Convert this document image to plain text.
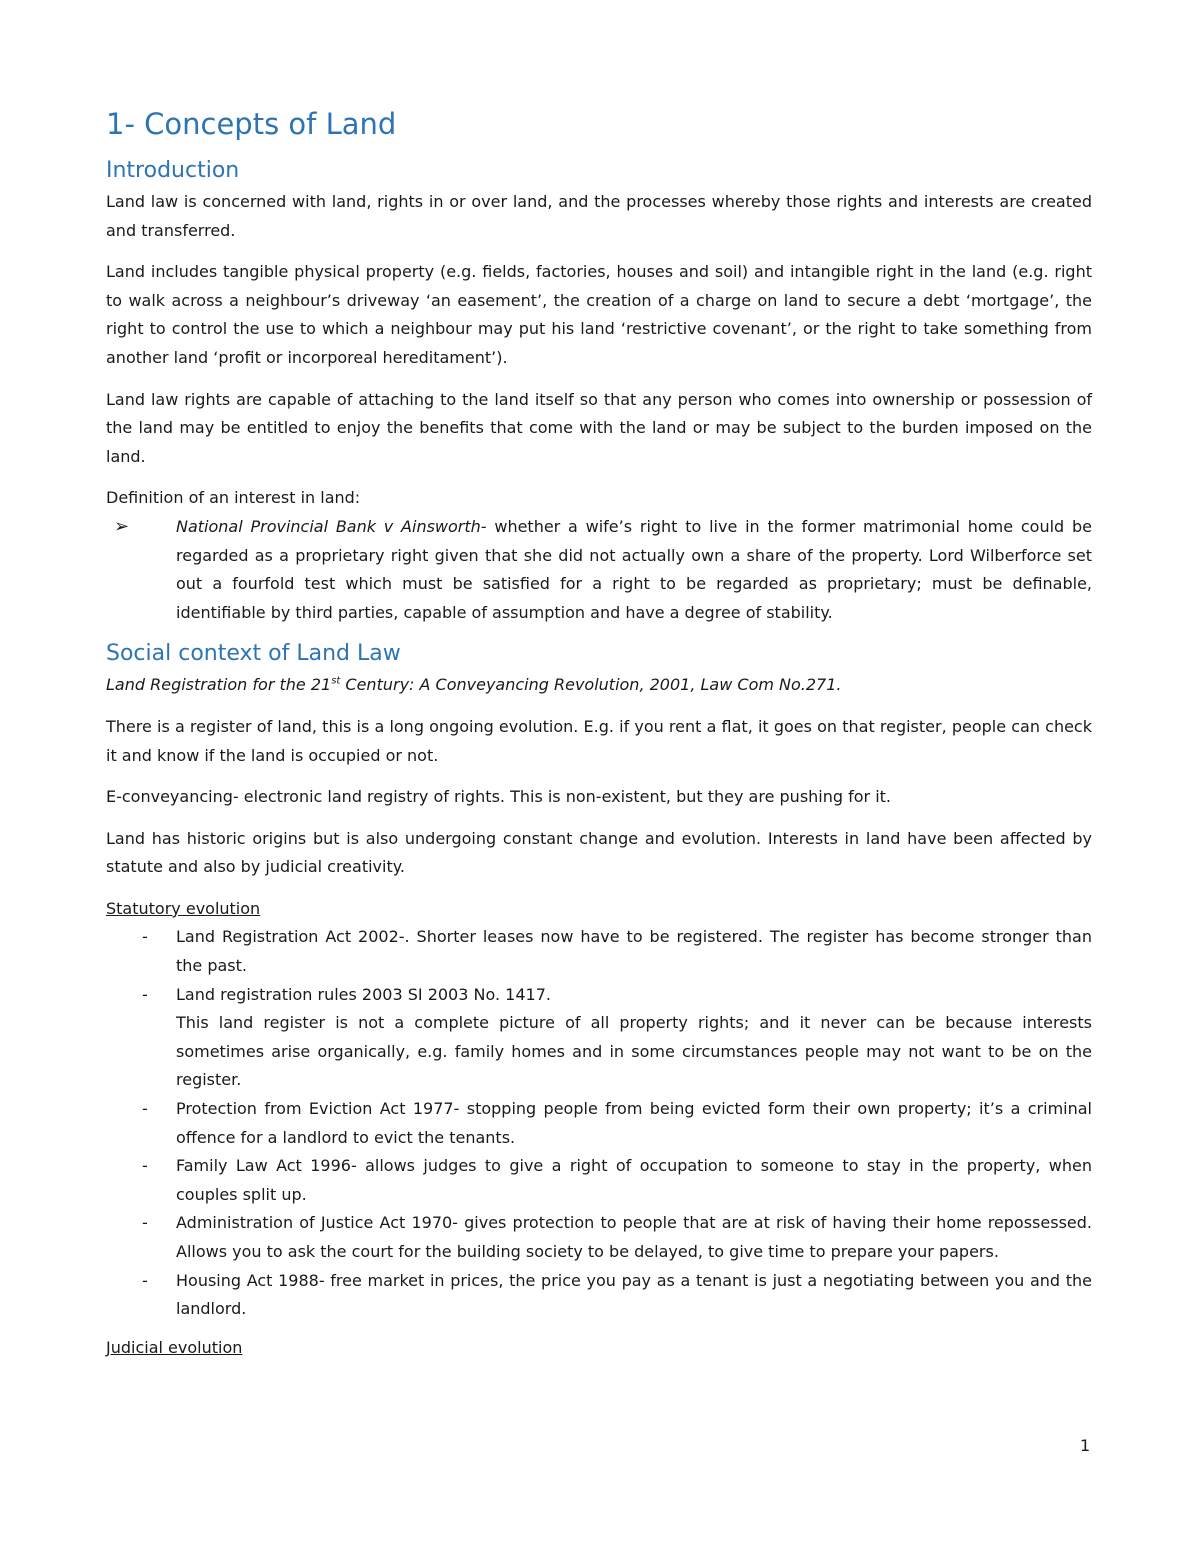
1- Concepts of Land
Introduction

Land law is concerned with land, rights in or over land, and the processes whereby those rights and interests are created and transferred.

Land includes tangible physical property (e.g. fields, factories, houses and soil) and intangible right in the land (e.g. right to walk across a neighbour’s driveway ‘an easement’, the creation of a charge on land to secure a debt ‘mortgage’, the right to control the use to which a neighbour may put his land ‘restrictive covenant’, or the right to take something from another land ‘profit or incorporeal hereditament’).

Land law rights are capable of attaching to the land itself so that any person who comes into ownership or possession of the land may be entitled to enjoy the benefits that come with the land or may be subject to the burden imposed on the land.

Definition of an interest in land:

➢	National Provincial Bank v Ainsworth- whether a wife’s right to live in the former matrimonial home could be regarded as a proprietary right given that she did not actually own a share of the property. Lord Wilberforce set out a fourfold test which must be satisfied for a right to be regarded as proprietary; must be definable, identifiable by third parties, capable of assumption and have a degree of stability.
Social context of Land Law

Land Registration for the 21st Century: A Conveyancing Revolution, 2001, Law Com No.271.

There is a register of land, this is a long ongoing evolution. E.g. if you rent a flat, it goes on that register, people can check it and know if the land is occupied or not.

E-conveyancing- electronic land registry of rights. This is non-existent, but they are pushing for it.

Land has historic origins but is also undergoing constant change and evolution. Interests in land have been affected by statute and also by judicial creativity.

Statutory evolution

- Land Registration Act 2002-. Shorter leases now have to be registered. The register has become stronger than the past.
- Land registration rules 2003 SI 2003 No. 1417.
This land register is not a complete picture of all property rights; and it never can be because interests sometimes arise organically, e.g. family homes and in some circumstances people may not want to be on the register.
- Protection from Eviction Act 1977- stopping people from being evicted form their own property; it’s a criminal offence for a landlord to evict the tenants.
- Family Law Act 1996- allows judges to give a right of occupation to someone to stay in the property, when couples split up.
- Administration of Justice Act 1970- gives protection to people that are at risk of having their home repossessed. Allows you to ask the court for the building society to be delayed, to give time to prepare your papers.
- Housing Act 1988- free market in prices, the price you pay as a tenant is just a negotiating between you and the landlord.

Judicial evolution

1
